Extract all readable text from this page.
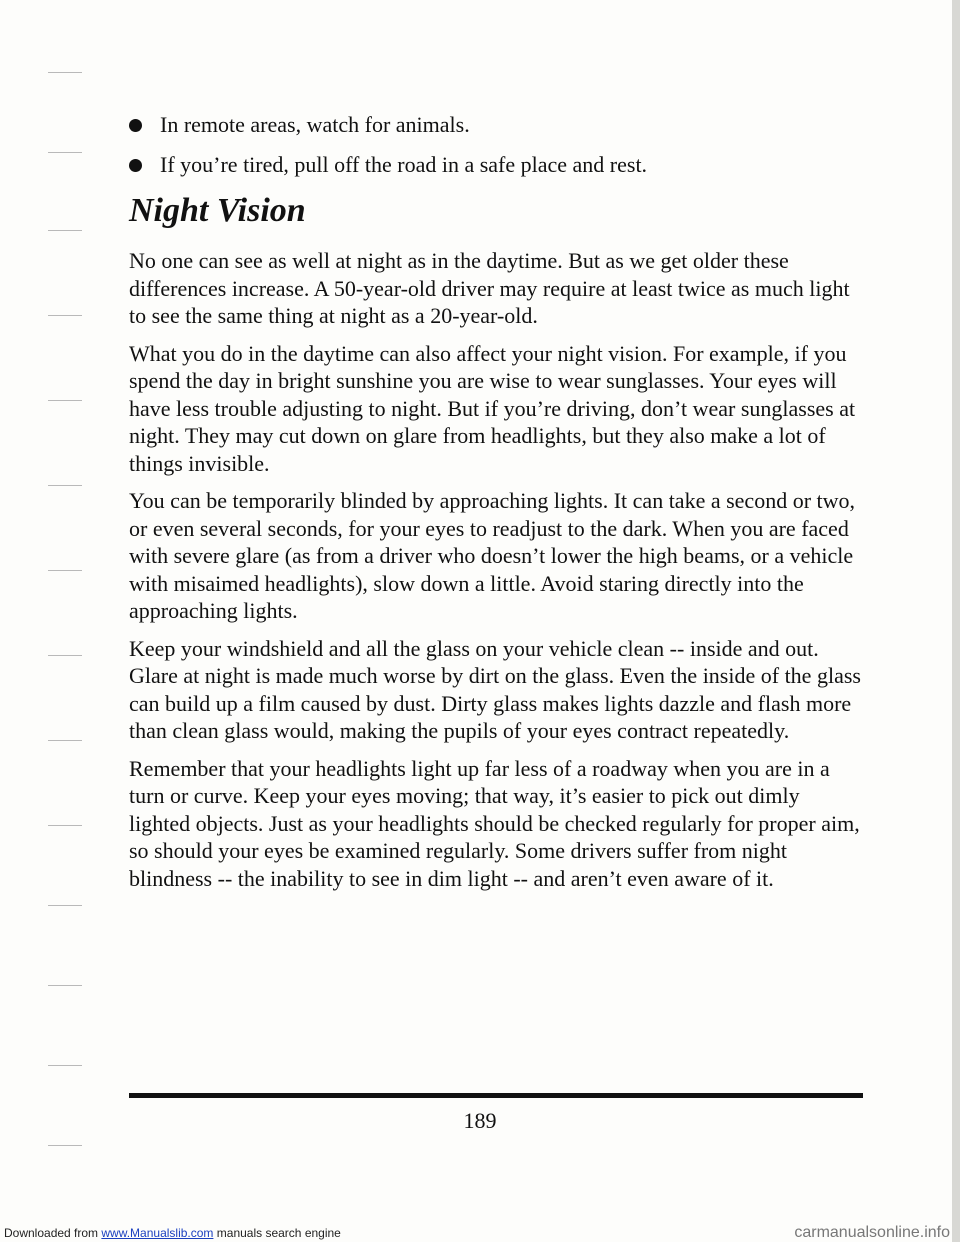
In remote areas, watch for animals.
If you’re tired, pull off the road in a safe place and rest.
Night Vision

No one can see as well at night as in the daytime. But as we get older these differences increase. A 50-year-old driver may require at least twice as much light to see the same thing at night as a 20-year-old.

What you do in the daytime can also affect your night vision. For example, if you spend the day in bright sunshine you are wise to wear sunglasses. Your eyes will have less trouble adjusting to night. But if you’re driving, don’t wear sunglasses at night. They may cut down on glare from headlights, but they also make a lot of things invisible.

You can be temporarily blinded by approaching lights. It can take a second or two, or even several seconds, for your eyes to readjust to the dark. When you are faced with severe glare (as from a driver who doesn’t lower the high beams, or a vehicle with misaimed headlights), slow down a little. Avoid staring directly into the approaching lights.

Keep your windshield and all the glass on your vehicle clean -- inside and out. Glare at night is made much worse by dirt on the glass. Even the inside of the glass can build up a film caused by dust. Dirty glass makes lights dazzle and flash more than clean glass would, making the pupils of your eyes contract repeatedly.

Remember that your headlights light up far less of a roadway when you are in a turn or curve. Keep your eyes moving; that way, it’s easier to pick out dimly lighted objects. Just as your headlights should be checked regularly for proper aim, so should your eyes be examined regularly. Some drivers suffer from night blindness -- the inability to see in dim light -- and aren’t even aware of it.

189
Downloaded from www.Manualslib.com manuals search engine	carmanualsonline.info
